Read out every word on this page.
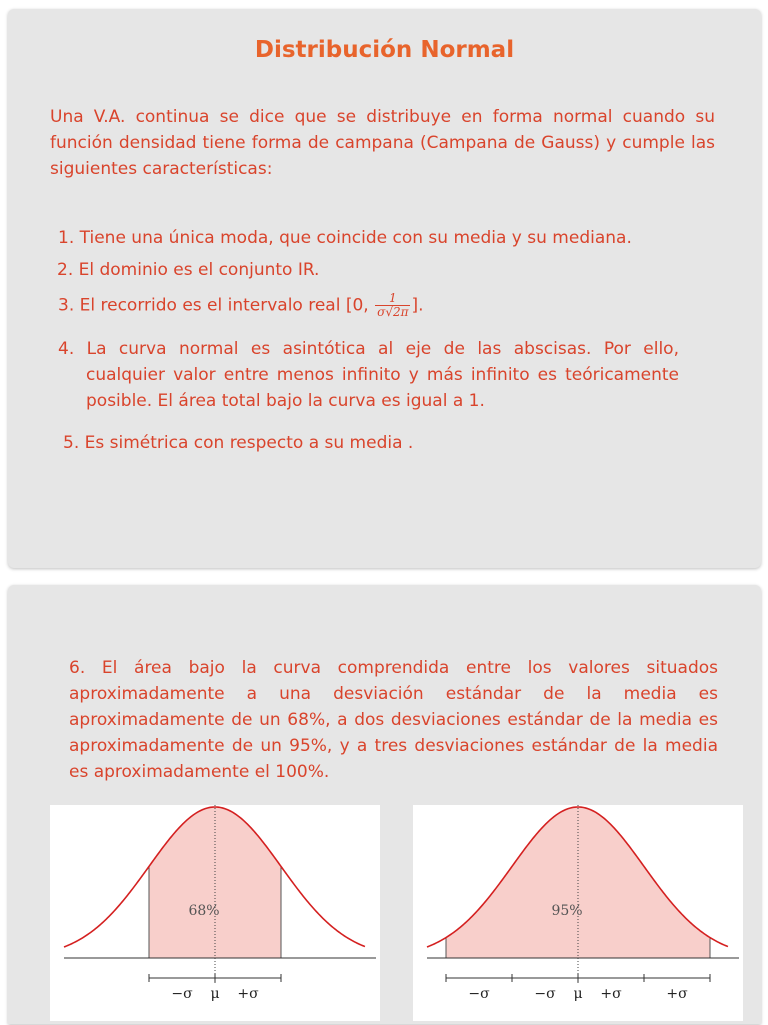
Distribución Normal
Una V.A. continua se dice que se distribuye en forma normal cuando su función densidad tiene forma de campana (Campana de Gauss) y cumple las siguientes características:
1. Tiene una única moda, que coincide con su media y su mediana.
2. El dominio es el conjunto IR.
3. El recorrido es el intervalo real [0, $\frac{1}{\sigma√2\pi}$ ].
4. La curva normal es asintótica al eje de las abscisas. Por ello, cualquier valor entre menos infinito y más infinito es teóricamente posible. El área total bajo la curva es igual a 1.
5. Es simétrica con respecto a su media .
6. El área bajo la curva comprendida entre los valores situados aproximadamente a una desviación estándar de la media es aproximadamente de un 68%, a dos desviaciones estándar de la media es aproximadamente de un 95%, y a tres desviaciones estándar de la media es aproximadamente el 100%.
68%
−σ μ +σ
95%
−σ	−σ μ +σ	+σ
